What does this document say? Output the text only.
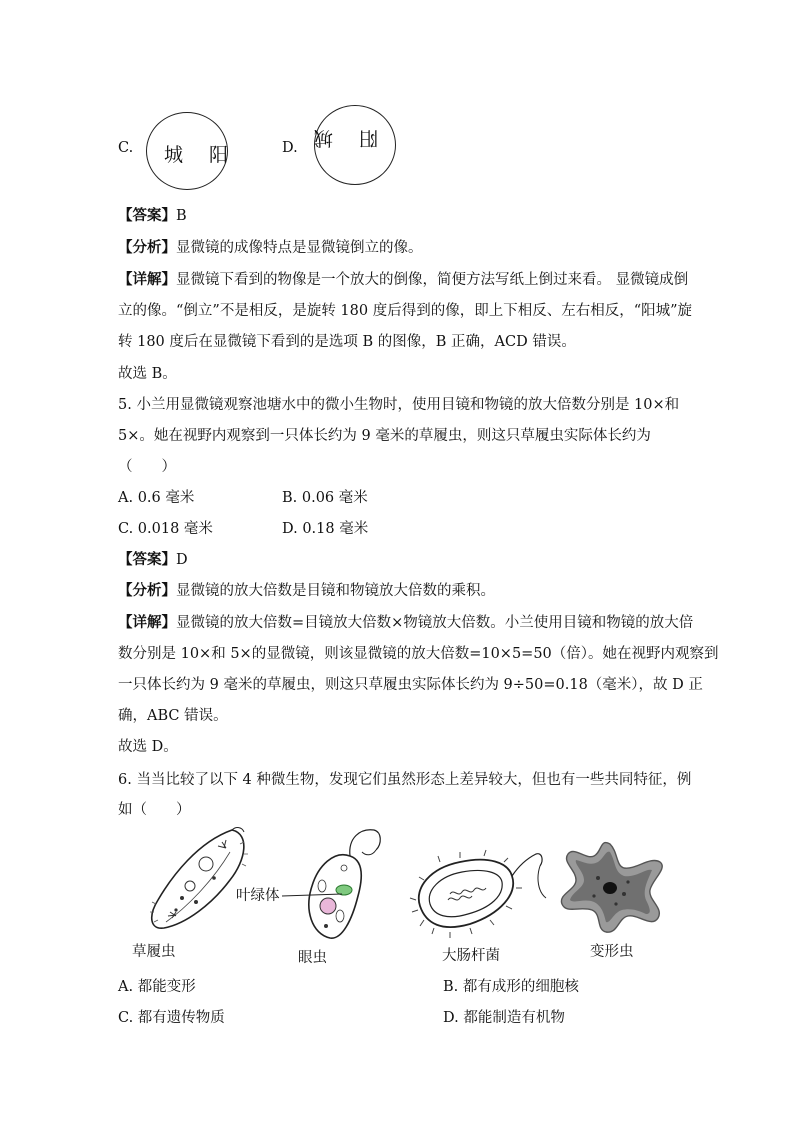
C. 城 阳	D. 阳 城
【答案】B
【分析】显微镜的成像特点是显微镜倒立的像。
【详解】显微镜下看到的物像是一个放大的倒像，简便方法写纸上倒过来看。 显微镜成倒
立的像。“倒立”不是相反，是旋转 180 度后得到的像，即上下相反、左右相反，“阳城”旋
转 180 度后在显微镜下看到的是选项 B 的图像，B 正确，ACD 错误。
故选 B。
5. 小兰用显微镜观察池塘水中的微小生物时，使用目镜和物镜的放大倍数分别是 10×和
5×。她在视野内观察到一只体长约为 9 毫米的草履虫，则这只草履虫实际体长约为
（　　）
A. 0.6 毫米	B. 0.06 毫米
C. 0.018 毫米	D. 0.18 毫米
【答案】D
【分析】显微镜的放大倍数是目镜和物镜放大倍数的乘积。
【详解】显微镜的放大倍数=目镜放大倍数×物镜放大倍数。小兰使用目镜和物镜的放大倍
数分别是 10×和 5×的显微镜，则该显微镜的放大倍数=10×5=50（倍）。她在视野内观察到
一只体长约为 9 毫米的草履虫，则这只草履虫实际体长约为 9÷50=0.18（毫米），故 D 正
确，ABC 错误。
故选 D。
6. 当当比较了以下 4 种微生物，发现它们虽然形态上差异较大，但也有一些共同特征，例
如（　　）
叶绿体
草履虫	眼虫	大肠杆菌	变形虫
A. 都能变形	B. 都有成形的细胞核
C. 都有遗传物质	D. 都能制造有机物
